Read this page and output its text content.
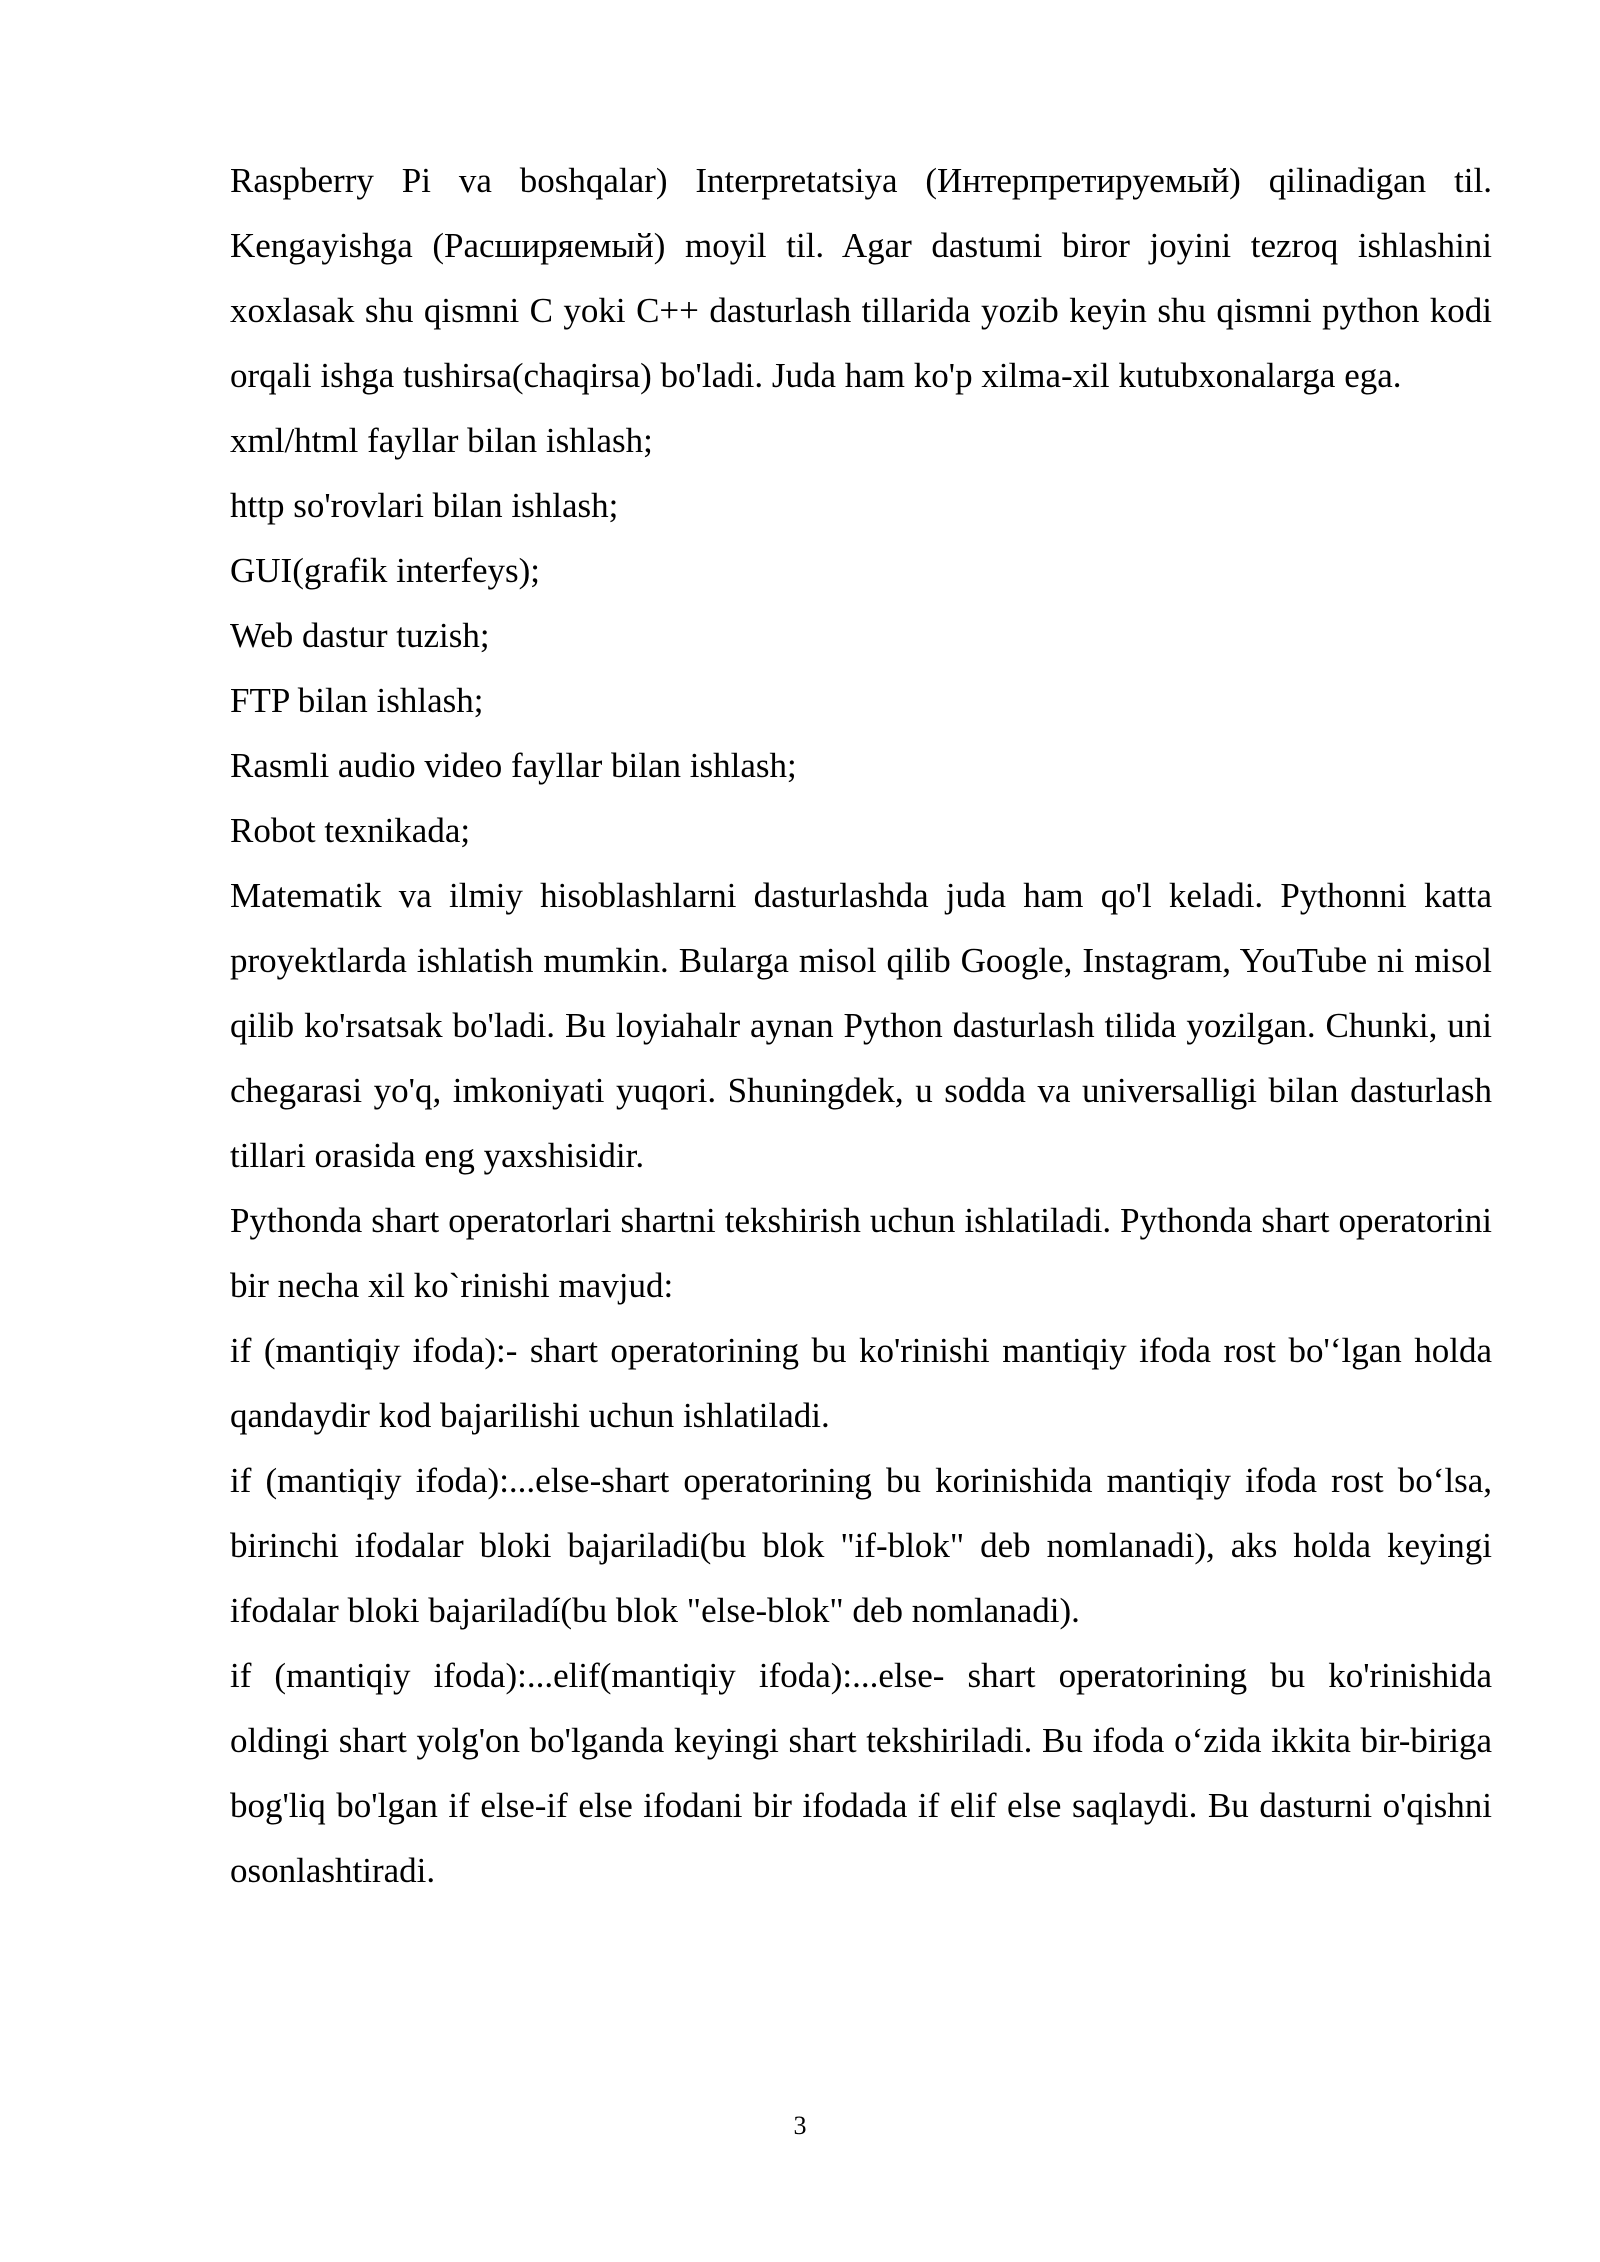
Raspberry Pi va boshqalar) Interpretatsiya (Интерпретируемый) qilinadigan til. Kengayishga (Расширяемый) moyil til. Agar dastumi biror joyini tezroq ishlashini xoxlasak shu qismni C yoki C++ dasturlash tillarida yozib keyin shu qismni python kodi orqali ishga tushirsa(chaqirsa) bo'ladi. Juda ham ko'p xilma-xil kutubxonalarga ega.

xml/html fayllar bilan ishlash;

http so'rovlari bilan ishlash;

GUI(grafik interfeys);

Web dastur tuzish;

FTP bilan ishlash;

Rasmli audio video fayllar bilan ishlash;

Robot texnikada;

Matematik va ilmiy hisoblashlarni dasturlashda juda ham qo'l keladi. Pythonni katta proyektlarda ishlatish mumkin. Bularga misol qilib Google, Instagram, YouTube ni misol qilib ko'rsatsak bo'ladi. Bu loyiahalr aynan Python dasturlash tilida yozilgan. Chunki, uni chegarasi yo'q, imkoniyati yuqori. Shuningdek, u sodda va universalligi bilan dasturlash tillari orasida eng yaxshisidir.

Pythonda shart operatorlari shartni tekshirish uchun ishlatiladi. Pythonda shart operatorini bir necha xil ko`rinishi mavjud:

if (mantiqiy ifoda):- shart operatorining bu ko'rinishi mantiqiy ifoda rost bo'‘lgan holda qandaydir kod bajarilishi uchun ishlatiladi.

if (mantiqiy ifoda):...else-shart operatorining bu korinishida mantiqiy ifoda rost bo‘lsa, birinchi ifodalar bloki bajariladi(bu blok "if-blok" deb nomlanadi), aks holda keyingi ifodalar bloki bajariladí(bu blok "else-blok" deb nomlanadi).

if (mantiqiy ifoda):...elif(mantiqiy ifoda):...else- shart operatorining bu ko'rinishida oldingi shart yolg'on bo'lganda keyingi shart tekshiriladi. Bu ifoda o‘zida ikkita bir-biriga bog'liq bo'lgan if else-if else ifodani bir ifodada if elif else saqlaydi. Bu dasturni o'qishni osonlashtiradi.

3
